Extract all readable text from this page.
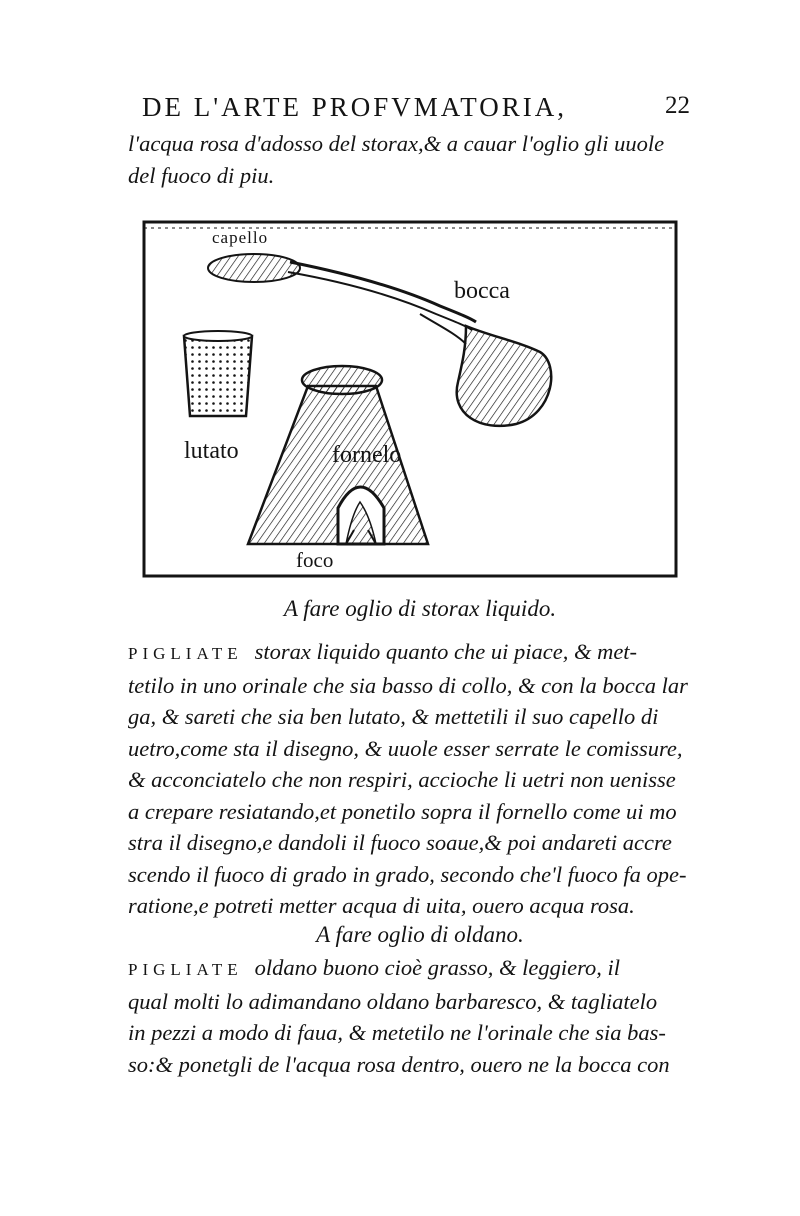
DE L'ARTE PROFVMATORIA,	22
l'acqua rosa d'adosso del storax,& a cauar l'oglio gli uuole
del fuoco di piu.
capello
bocca
lutato	fornelo
foco
A fare oglio di storax liquido.
PIGLIATE storax liquido quanto che ui piace, & met-
tetilo in uno orinale che sia basso di collo, & con la bocca lar
ga, & sareti che sia ben lutato, & mettetili il suo capello di
uetro,come sta il disegno, & uuole esser serrate le comissure,
& acconciatelo che non respiri, accioche li uetri non uenisse
a crepare resiatando,et ponetilo sopra il fornello come ui mo
stra il disegno,e dandoli il fuoco soaue,& poi andareti accre
scendo il fuoco di grado in grado, secondo che'l fuoco fa ope-
ratione,e potreti metter acqua di uita, ouero acqua rosa.
A fare oglio di oldano.
PIGLIATE oldano buono cioè grasso, & leggiero, il
qual molti lo adimandano oldano barbaresco, & tagliatelo
in pezzi a modo di faua, & metetilo ne l'orinale che sia bas-
so:& ponetgli de l'acqua rosa dentro, ouero ne la bocca con
